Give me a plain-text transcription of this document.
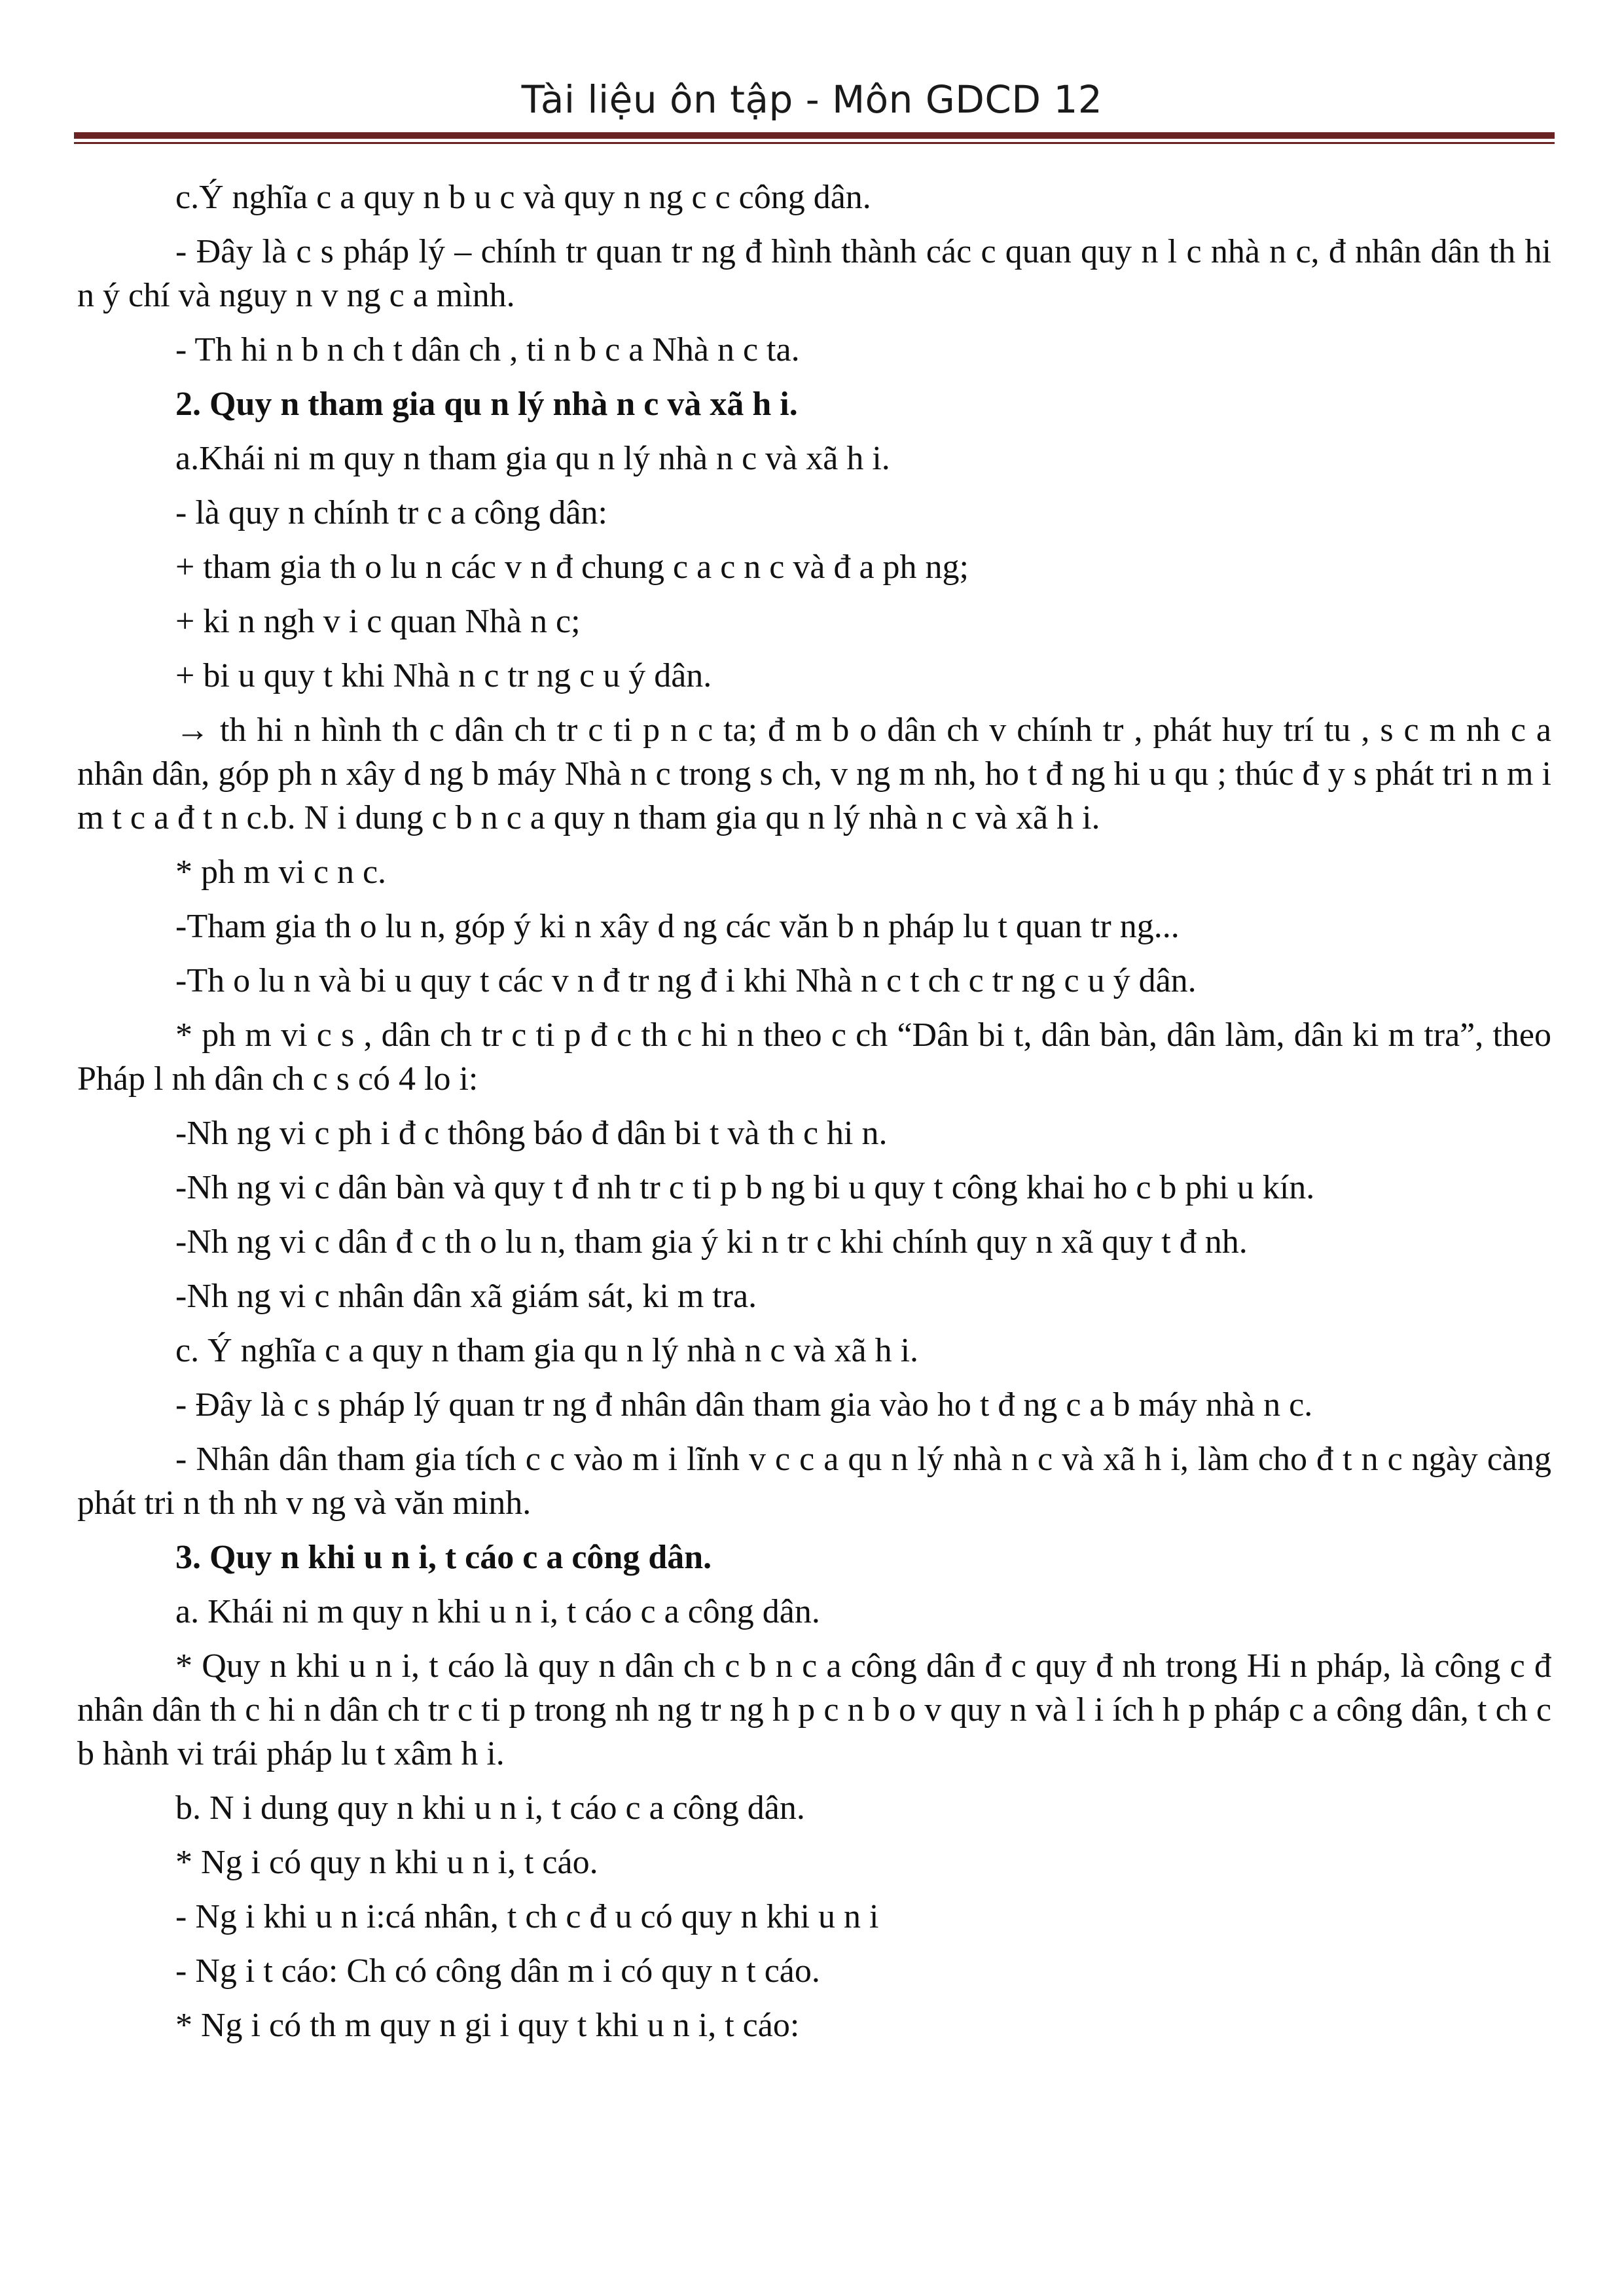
Tài liệu ôn tập - Môn GDCD 12

c.Ý nghĩa c a quy n b u c và quy n ng c c công dân.

- Đây là c s pháp lý – chính tr quan tr ng đ hình thành các c quan quy n l c nhà n c, đ nhân dân th hi n ý chí và nguy n v ng c a mình.

- Th hi n b n ch t dân ch , ti n b c a Nhà n c ta.

2. Quy n tham gia qu n lý nhà n c và xã h i.

a.Khái ni m quy n tham gia qu n lý nhà n c và xã h i.

- là quy n chính tr c a công dân:

+ tham gia th o lu n các v n đ chung c a c n c và đ a ph ng;

+ ki n ngh v i c quan Nhà n c;

+ bi u quy t khi Nhà n c tr ng c u ý dân.

→ th hi n hình th c dân ch tr c ti p n c ta; đ m b o dân ch v chính tr , phát huy trí tu , s c m nh c a nhân dân, góp ph n xây d ng b máy Nhà n c trong s ch, v ng m nh, ho t đ ng hi u qu ; thúc đ y s phát tri n m i m t c a đ t n c.b. N i dung c b n c a quy n tham gia qu n lý nhà n c và xã h i.

* ph m vi c n c.

-Tham gia th o lu n, góp ý ki n xây d ng các văn b n pháp lu t quan tr ng...

-Th o lu n và bi u quy t các v n đ tr ng đ i khi Nhà n c t ch c tr ng c u ý dân.

* ph m vi c s , dân ch tr c ti p đ c th c hi n theo c ch “Dân bi t, dân bàn, dân làm, dân ki m tra”, theo Pháp l nh dân ch c s có 4 lo i:

-Nh ng vi c ph i đ c thông báo đ dân bi t và th c hi n.

-Nh ng vi c dân bàn và quy t đ nh tr c ti p b ng bi u quy t công khai ho c b phi u kín.

-Nh ng vi c dân đ c th o lu n, tham gia ý ki n tr c khi chính quy n xã quy t đ nh.

-Nh ng vi c nhân dân xã giám sát, ki m tra.

c. Ý nghĩa c a quy n tham gia qu n lý nhà n c và xã h i.

- Đây là c s pháp lý quan tr ng đ nhân dân tham gia vào ho t đ ng c a b máy nhà n c.

- Nhân dân tham gia tích c c vào m i lĩnh v c c a qu n lý nhà n c và xã h i, làm cho đ t n c ngày càng phát tri n th nh v ng và văn minh.

3. Quy n khi u n i, t cáo c a công dân.

a. Khái ni m quy n khi u n i, t cáo c a công dân.

* Quy n khi u n i, t cáo là quy n dân ch c b n c a công dân đ c quy đ nh trong Hi n pháp, là công c đ nhân dân th c hi n dân ch tr c ti p trong nh ng tr ng h p c n b o v quy n và l i ích h p pháp c a công dân, t ch c b hành vi trái pháp lu t xâm h i.

b. N i dung quy n khi u n i, t cáo c a công dân.

* Ng i có quy n khi u n i, t cáo.

- Ng i khi u n i:cá nhân, t ch c đ u có quy n khi u n i

- Ng i t cáo: Ch có công dân m i có quy n t cáo.

* Ng i có th m quy n gi i quy t khi u n i, t cáo:
